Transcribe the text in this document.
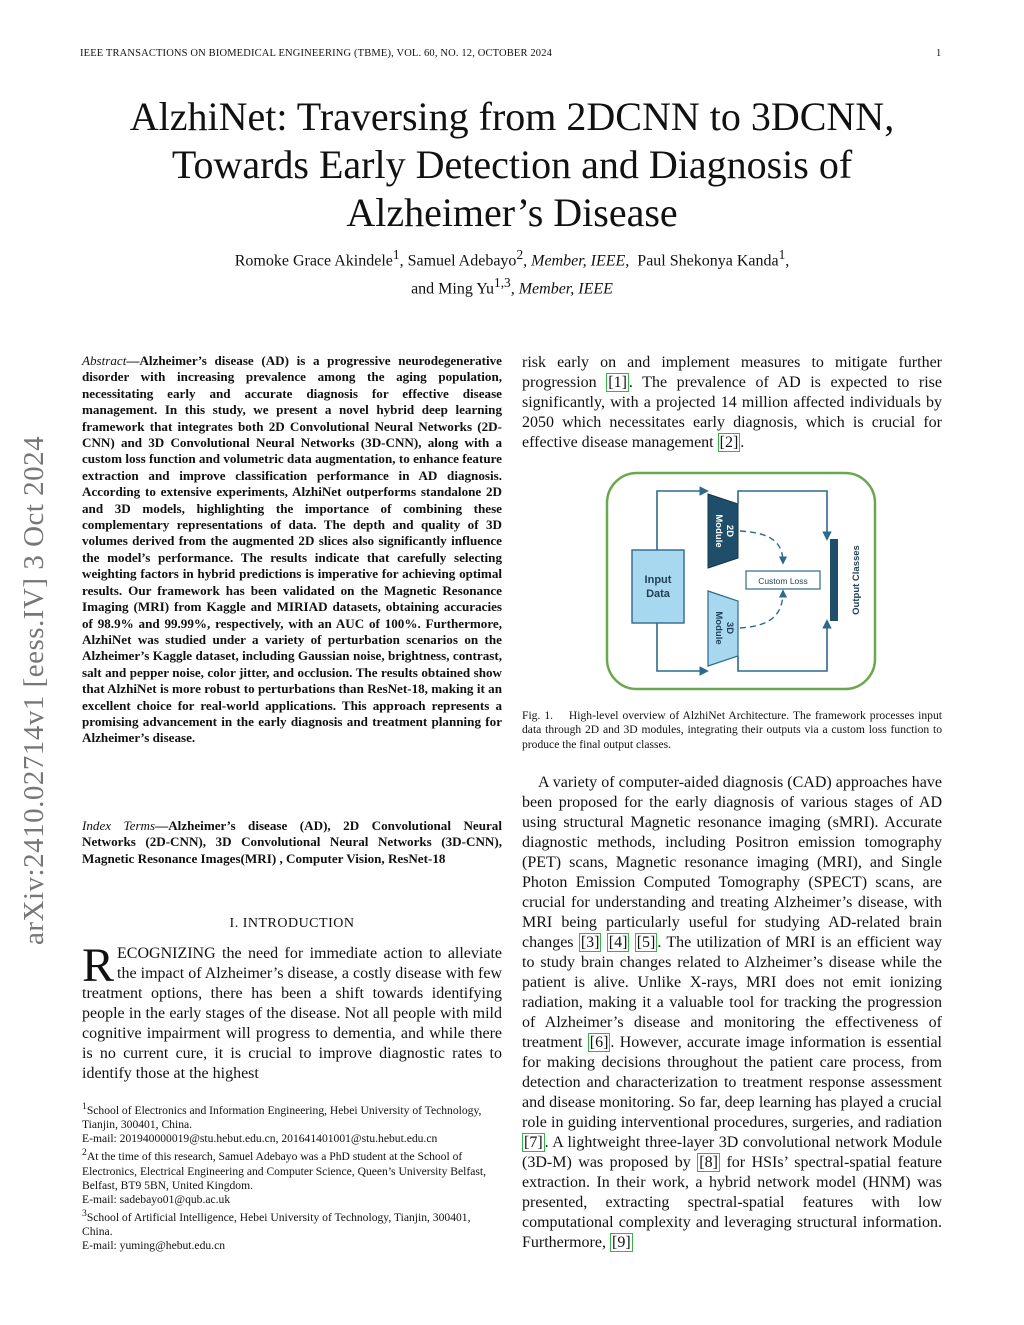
IEEE TRANSACTIONS ON BIOMEDICAL ENGINEERING (TBME), VOL. 60, NO. 12, OCTOBER 2024	1
AlzhiNet: Traversing from 2DCNN to 3DCNN,
Towards Early Detection and Diagnosis of
Alzheimer’s Disease
Romoke Grace Akindele$^1$, Samuel Adebayo$^2$, Member, IEEE, Paul Shekonya Kanda$^1$,
and Ming Yu$^{1,3}$, Member, IEEE
arXiv:2410.02714v1 [eess.IV] 3 Oct 2024
Abstract—Alzheimer’s disease (AD) is a progressive neurodegenerative disorder with increasing prevalence among the aging population, necessitating early and accurate diagnosis for effective disease management. In this study, we present a novel hybrid deep learning framework that integrates both 2D Convolutional Neural Networks (2D-CNN) and 3D Convolutional Neural Networks (3D-CNN), along with a custom loss function and volumetric data augmentation, to enhance feature extraction and improve classification performance in AD diagnosis. According to extensive experiments, AlzhiNet outperforms standalone 2D and 3D models, highlighting the importance of combining these complementary representations of data. The depth and quality of 3D volumes derived from the augmented 2D slices also significantly influence the model’s performance. The results indicate that carefully selecting weighting factors in hybrid predictions is imperative for achieving optimal results. Our framework has been validated on the Magnetic Resonance Imaging (MRI) from Kaggle and MIRIAD datasets, obtaining accuracies of 98.9% and 99.99%, respectively, with an AUC of 100%. Furthermore, AlzhiNet was studied under a variety of perturbation scenarios on the Alzheimer’s Kaggle dataset, including Gaussian noise, brightness, contrast, salt and pepper noise, color jitter, and occlusion. The results obtained show that AlzhiNet is more robust to perturbations than ResNet-18, making it an excellent choice for real-world applications. This approach represents a promising advancement in the early diagnosis and treatment planning for Alzheimer’s disease.
Index Terms—Alzheimer’s disease (AD), 2D Convolutional Neural Networks (2D-CNN), 3D Convolutional Neural Networks (3D-CNN), Magnetic Resonance Images(MRI) , Computer Vision, ResNet-18
I. INTRODUCTION
RECOGNIZING the need for immediate action to alleviate the impact of Alzheimer’s disease, a costly disease with few treatment options, there has been a shift towards identifying people in the early stages of the disease. Not all people with mild cognitive impairment will progress to dementia, and while there is no current cure, it is crucial to improve diagnostic rates to identify those at the highest

$^1$School of Electronics and Information Engineering, Hebei University of Technology, Tianjin, 300401, China.

E-mail: 201940000019@stu.hebut.edu.cn, 201641401001@stu.hebut.edu.cn

$^2$At the time of this research, Samuel Adebayo was a PhD student at the School of Electronics, Electrical Engineering and Computer Science, Queen’s University Belfast, Belfast, BT9 5BN, United Kingdom.

E-mail: sadebayo01@qub.ac.uk

$^3$School of Artificial Intelligence, Hebei University of Technology, Tianjin, 300401, China.

E-mail: yuming@hebut.edu.cn

risk early on and implement measures to mitigate further progression [1] . The prevalence of AD is expected to rise significantly, with a projected 14 million affected individuals by 2050 which necessitates early diagnosis, which is crucial for effective disease management [2] .
Input
Data
2D
Module
3D
Module
Custom Loss	Output Classes
Fig. 1. High-level overview of AlzhiNet Architecture. The framework processes input data through 2D and 3D modules, integrating their outputs via a custom loss function to produce the final output classes.

A variety of computer-aided diagnosis (CAD) approaches have been proposed for the early diagnosis of various stages of AD using structural Magnetic resonance imaging (sMRI). Accurate diagnostic methods, including Positron emission tomography (PET) scans, Magnetic resonance imaging (MRI), and Single Photon Emission Computed Tomography (SPECT) scans, are crucial for understanding and treating Alzheimer’s disease, with MRI being particularly useful for studying AD-related brain changes [3] [4] [5] . The utilization of MRI is an efficient way to study brain changes related to Alzheimer’s disease while the patient is alive. Unlike X-rays, MRI does not emit ionizing radiation, making it a valuable tool for tracking the progression of Alzheimer’s disease and monitoring the effectiveness of treatment [6] . However, accurate image information is essential for making decisions throughout the patient care process, from detection and characterization to treatment response assessment and disease monitoring. So far, deep learning has played a crucial role in guiding interventional procedures, surgeries, and radiation [7] . A lightweight three-layer 3D convolutional network Module (3D-M) was proposed by [8] for HSIs’ spectral-spatial feature extraction. In their work, a hybrid network model (HNM) was presented, extracting spectral-spatial features with low computational complexity and leveraging structural information. Furthermore, [9]
